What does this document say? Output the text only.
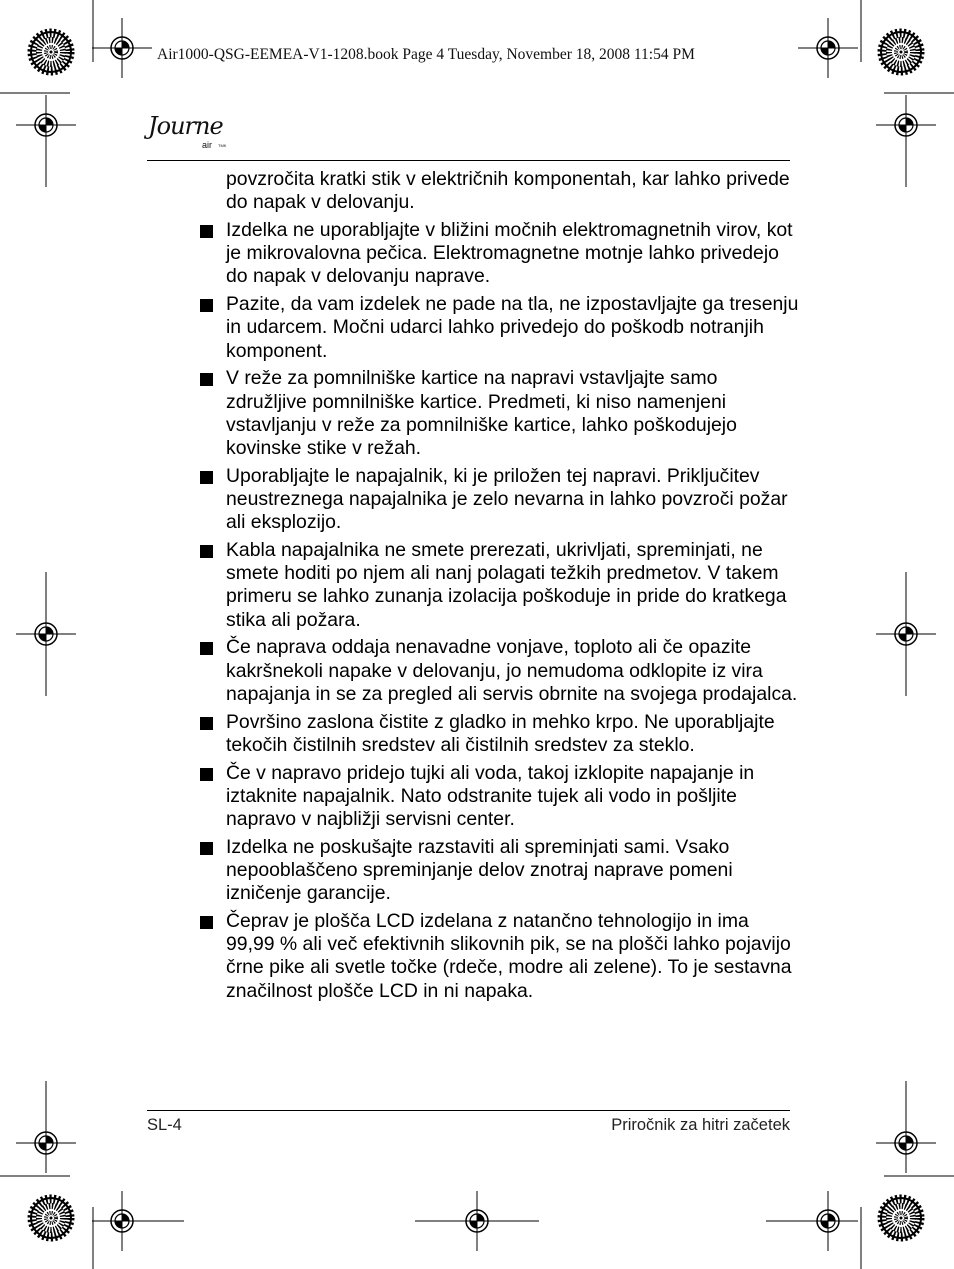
Air1000-QSG-EEMEA-V1-1208.book Page 4 Tuesday, November 18, 2008 11:54 PM
Journe
air TMK
povzročita kratki stik v električnih komponentah, kar lahko privede do napak v delovanju.
Izdelka ne uporabljajte v bližini močnih elektromagnetnih virov, kot je mikrovalovna pečica. Elektromagnetne motnje lahko privedejo do napak v delovanju naprave.
Pazite, da vam izdelek ne pade na tla, ne izpostavljajte ga tresenju in udarcem. Močni udarci lahko privedejo do poškodb notranjih komponent.
V reže za pomnilniške kartice na napravi vstavljajte samo združljive pomnilniške kartice. Predmeti, ki niso namenjeni vstavljanju v reže za pomnilniške kartice, lahko poškodujejo kovinske stike v režah.
Uporabljajte le napajalnik, ki je priložen tej napravi. Priključitev neustreznega napajalnika je zelo nevarna in lahko povzroči požar ali eksplozijo.
Kabla napajalnika ne smete prerezati, ukrivljati, spreminjati, ne smete hoditi po njem ali nanj polagati težkih predmetov. V takem primeru se lahko zunanja izolacija poškoduje in pride do kratkega stika ali požara.
Če naprava oddaja nenavadne vonjave, toploto ali če opazite kakršnekoli napake v delovanju, jo nemudoma odklopite iz vira napajanja in se za pregled ali servis obrnite na svojega prodajalca.
Površino zaslona čistite z gladko in mehko krpo. Ne uporabljajte tekočih čistilnih sredstev ali čistilnih sredstev za steklo.
Če v napravo pridejo tujki ali voda, takoj izklopite napajanje in iztaknite napajalnik. Nato odstranite tujek ali vodo in pošljite napravo v najbližji servisni center.
Izdelka ne poskušajte razstaviti ali spreminjati sami. Vsako nepooblaščeno spreminjanje delov znotraj naprave pomeni izničenje garancije.
Čeprav je plošča LCD izdelana z natančno tehnologijo in ima 99,99 % ali več efektivnih slikovnih pik, se na plošči lahko pojavijo črne pike ali svetle točke (rdeče, modre ali zelene). To je sestavna značilnost plošče LCD in ni napaka.
SL-4	Priročnik za hitri začetek
